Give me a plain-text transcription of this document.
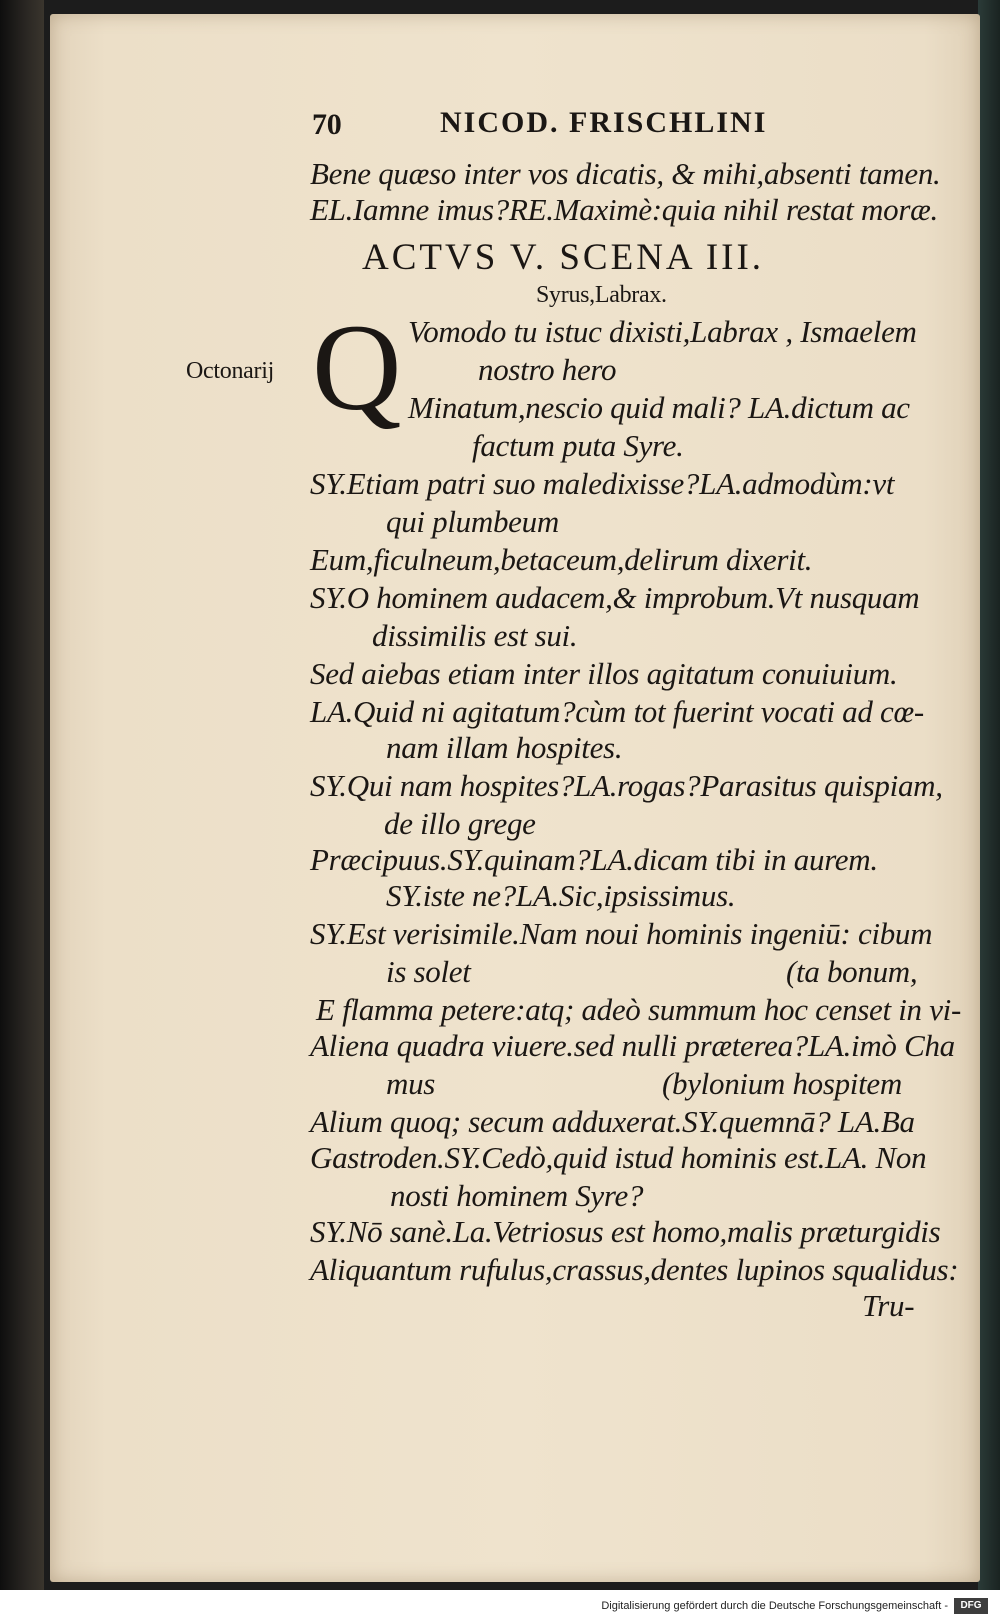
70	NICOD. FRISCHLINI
Bene quæso inter vos dicatis, & mihi,absenti tamen.
EL.Iamne imus?RE.Maximè:quia nihil restat moræ.
ACTVS V. SCENA III.
Syrus,Labrax.
Octonarij Q Vomodo tu istuc dixisti,Labrax , Ismaelem
nostro hero
Minatum,nescio quid mali? LA.dictum ac
factum puta Syre.
SY.Etiam patri suo maledixisse?LA.admodùm:vt
qui plumbeum
Eum,ficulneum,betaceum,delirum dixerit.
SY.O hominem audacem,& improbum.Vt nusquam
dissimilis est sui.
Sed aiebas etiam inter illos agitatum conuiuium.
LA.Quid ni agitatum?cùm tot fuerint vocati ad cœ-
nam illam hospites.
SY.Qui nam hospites?LA.rogas?Parasitus quispiam,
de illo grege
Præcipuus.SY.quinam?LA.dicam tibi in aurem.
SY.iste ne?LA.Sic,ipsissimus.
SY.Est verisimile.Nam noui hominis ingeniū: cibum
is solet	(ta bonum,
E flamma petere:atq; adeò summum hoc censet in vi-
Aliena quadra viuere.sed nulli præterea?LA.imò Cha
mus	(bylonium hospitem
Alium quoq; secum adduxerat.SY.quemnā? LA.Ba
Gastroden.SY.Cedò,quid istud hominis est.LA. Non
nosti hominem Syre?
SY.Nō sanè.La.Vetriosus est homo,malis præturgidis
Aliquantum rufulus,crassus,dentes lupinos squalidus:
Tru-
Digitalisierung gefördert durch die Deutsche Forschungsgemeinschaft -	DFG
